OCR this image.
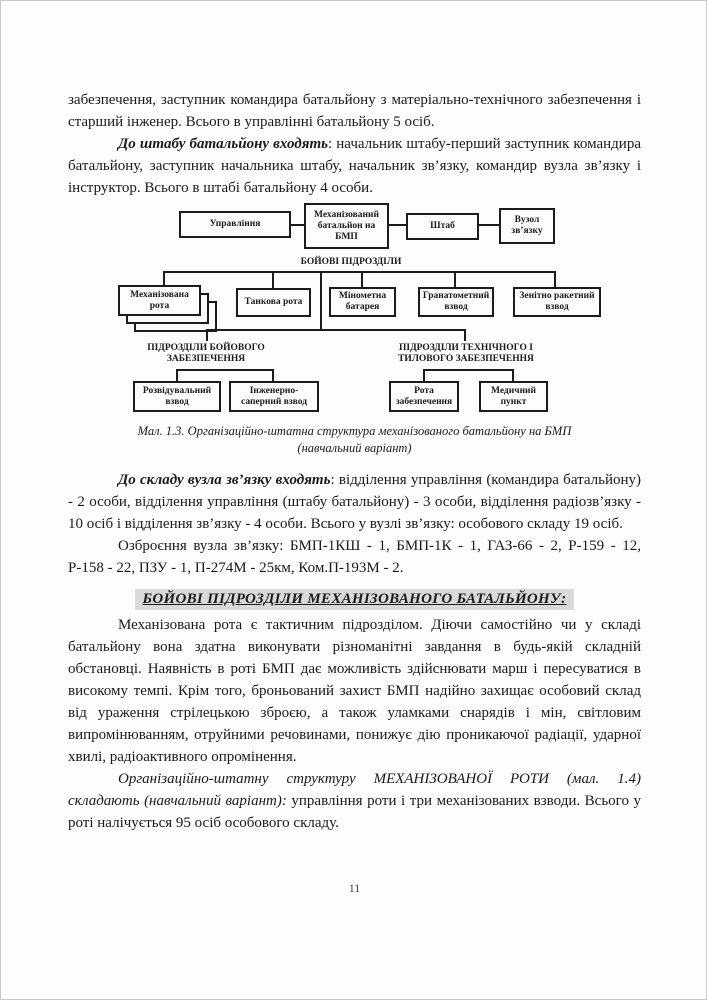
забезпечення, заступник командира батальйону з матеріально-технічного забезпечення і старший інженер. Всього в управлінні батальйону 5 осіб.

До штабу батальйону входять: начальник штабу-перший заступник командира батальйону, заступник начальника штабу, начальник зв’язку, командир вузла зв’язку і інструктор. Всього в штабі батальйону 4 особи.

Управління
Механізований батальйон на БМП
Штаб
Вузол зв’язку
БОЙОВІ ПІДРОЗДІЛИ
Механізована рота	Танкова рота
Мінометна батарея
Гранатометний взвод
Зенітно ракетний взвод
ПІДРОЗДІЛИ БОЙОВОГО ЗАБЕЗПЕЧЕННЯ
ПІДРОЗДІЛИ ТЕХНІЧНОГО І ТИЛОВОГО ЗАБЕЗПЕЧЕННЯ
Розвідувальний взвод
Інженерно-саперний взвод
Рота забезпечення
Медичний пункт
Мал. 1.3. Організаційно-штатна структура механізованого батальйону на БМП
(навчальний варіант)

До складу вузла зв’язку входять: відділення управління (командира батальйону) - 2 особи, відділення управління (штабу батальйону) - 3 особи, відділення радіозв’язку - 10 осіб і відділення зв’язку - 4 особи. Всього у вузлі зв’язку: особового складу 19 осіб.

Озброєння вузла зв’язку: БМП-1КШ - 1, БМП-1К - 1, ГАЗ-66 - 2, Р-159 - 12, Р-158 - 22, ПЗУ - 1, П-274М - 25км, Ком.П-193М - 2.

БОЙОВІ ПІДРОЗДІЛИ МЕХАНІЗОВАНОГО БАТАЛЬЙОНУ:

Механізована рота є тактичним підрозділом. Діючи самостійно чи у складі батальйону вона здатна виконувати різноманітні завдання в будь-якій складній обстановці. Наявність в роті БМП дає можливість здійснювати марш і пересуватися в високому темпі. Крім того, броньований захист БМП надійно захищає особовий склад від ураження стрілецькою зброєю, а також уламками снарядів і мін, світловим випромінюванням, отруйними речовинами, понижує дію проникаючої радіації, ударної хвилі, радіоактивного опромінення.

Організаційно-штатну структуру МЕХАНІЗОВАНОЇ РОТИ (мал. 1.4) складають (навчальний варіант): управління роти і три механізованих взводи. Всього у роті налічується 95 осіб особового складу.

11
